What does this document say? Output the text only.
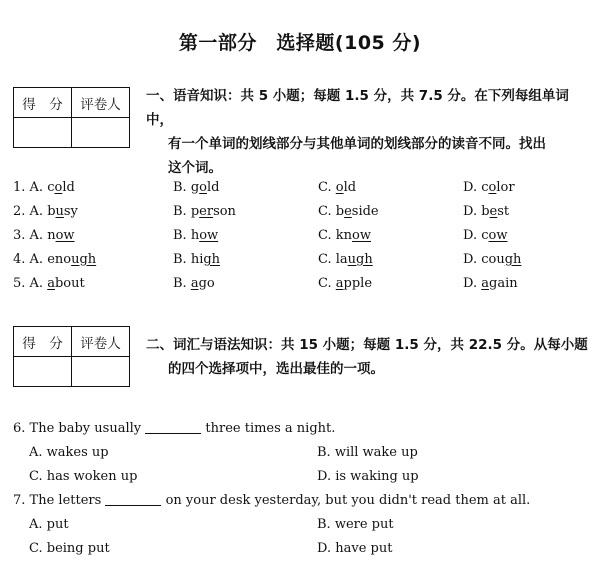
第一部分　选择题(105 分)
得　分	评卷人

一、语音知识：共 5 小题；每题 1.5 分，共 7.5 分。在下列每组单词中，
有一个单词的划线部分与其他单词的划线部分的读音不同。找出
这个词。
1. A. cold	B. gold	C. old	D. color
2. A. busy	B. person	C. beside	D. best
3. A. now	B. how	C. know	D. cow
4. A. enough	B. high	C. laugh	D. cough
5. A. about	B. ago	C. apple	D. again
得　分	评卷人
	二、词汇与语法知识：共 15 小题；每题 1.5 分，共 22.5 分。从每小题
的四个选择项中，选出最佳的一项。
6. The baby usually	three times a night.
A. wakes up	B. will wake up
C. has woken up	D. is waking up
7. The letters	on your desk yesterday, but you didn't read them at all.
A. put	B. were put
C. being put	D. have put
